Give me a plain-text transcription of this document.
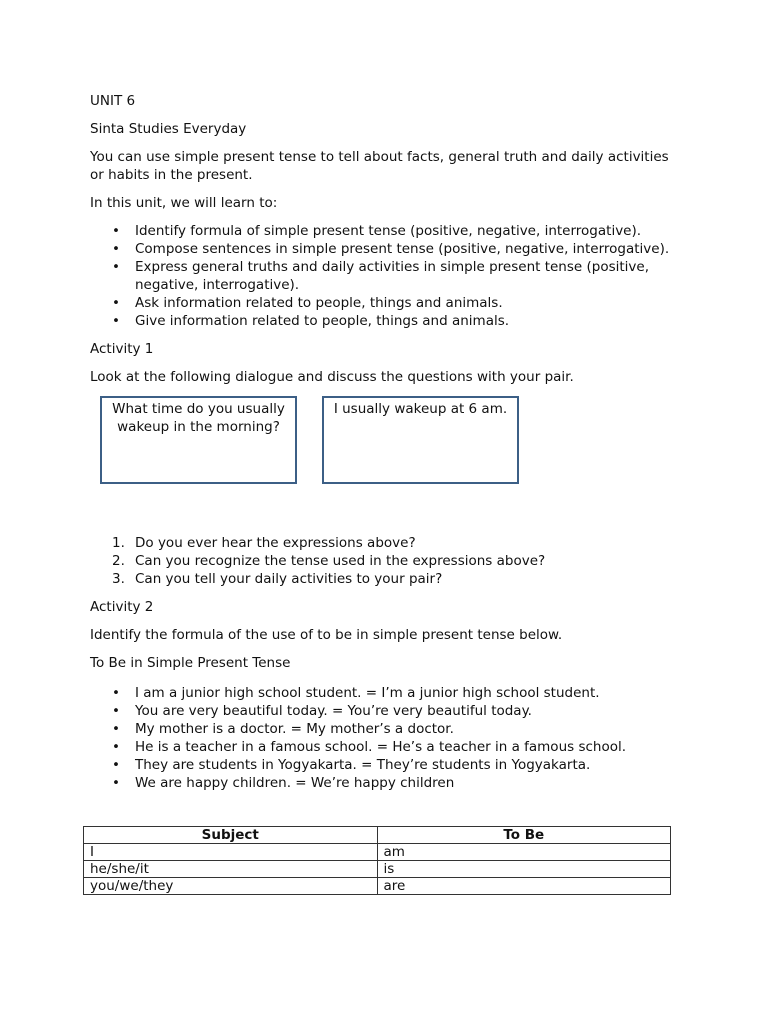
UNIT 6

Sinta Studies Everyday

You can use simple present tense to tell about facts, general truth and daily activities or habits in the present.

In this unit, we will learn to:

• Identify formula of simple present tense (positive, negative, interrogative).
• Compose sentences in simple present tense (positive, negative, interrogative).
• Express general truths and daily activities in simple present tense (positive, negative, interrogative).
• Ask information related to people, things and animals.
• Give information related to people, things and animals.

Activity 1

Look at the following dialogue and discuss the questions with your pair.

What time do you usually wakeup in the morning?
I usually wakeup at 6 am.
1. Do you ever hear the expressions above?
2. Can you recognize the tense used in the expressions above?
3. Can you tell your daily activities to your pair?

Activity 2

Identify the formula of the use of to be in simple present tense below.

To Be in Simple Present Tense

• I am a junior high school student. = I’m a junior high school student.
• You are very beautiful today. = You’re very beautiful today.
• My mother is a doctor. = My mother’s a doctor.
• He is a teacher in a famous school. = He’s a teacher in a famous school.
• They are students in Yogyakarta. = They’re students in Yogyakarta.
• We are happy children. = We’re happy children
Subject	To Be
I	am
he/she/it	is
you/we/they	are
